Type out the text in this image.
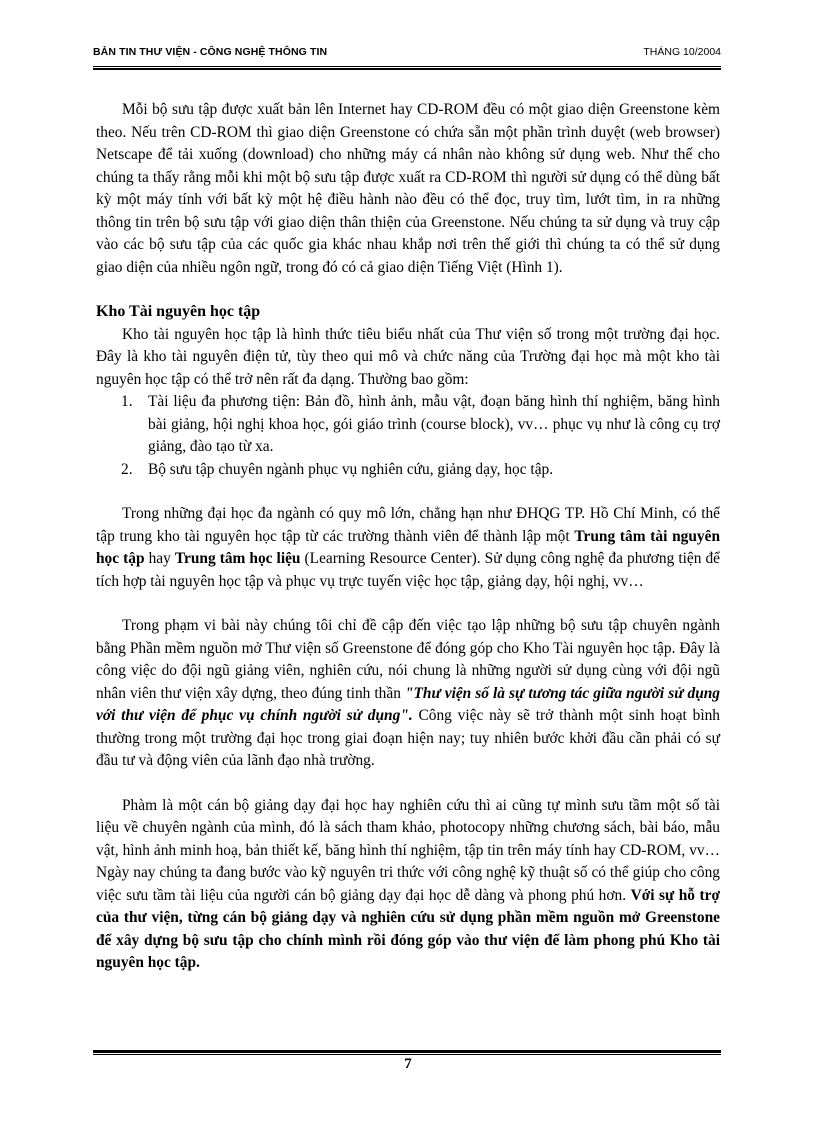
BẢN TIN THƯ VIỆN - CÔNG NGHỆ THÔNG TIN	THÁNG 10/2004

Mỗi bộ sưu tập được xuất bản lên Internet hay CD-ROM đều có một giao diện Greenstone kèm theo. Nếu trên CD-ROM thì giao diện Greenstone có chứa sẵn một phần trình duyệt (web browser) Netscape để tải xuống (download) cho những máy cá nhân nào không sử dụng web. Như thế cho chúng ta thấy rằng mỗi khi một bộ sưu tập được xuất ra CD-ROM thì người sử dụng có thể dùng bất kỳ một máy tính với bất kỳ một hệ điều hành nào đều có thể đọc, truy tìm, lướt tìm, in ra những thông tin trên bộ sưu tập với giao diện thân thiện của Greenstone. Nếu chúng ta sử dụng và truy cập vào các bộ sưu tập của các quốc gia khác nhau khắp nơi trên thế giới thì chúng ta có thể sử dụng giao diện của nhiều ngôn ngữ, trong đó có cả giao diện Tiếng Việt (Hình 1).

Kho Tài nguyên học tập

Kho tài nguyên học tập là hình thức tiêu biểu nhất của Thư viện số trong một trường đại học. Đây là kho tài nguyên điện tử, tùy theo qui mô và chức năng của Trường đại học mà một kho tài nguyên học tập có thể trở nên rất đa dạng. Thường bao gồm:

1. Tài liệu đa phương tiện: Bản đồ, hình ảnh, mẫu vật, đoạn băng hình thí nghiệm, băng hình bài giảng, hội nghị khoa học, gói giáo trình (course block), vv… phục vụ như là công cụ trợ giảng, đào tạo từ xa.
2. Bộ sưu tập chuyên ngành phục vụ nghiên cứu, giảng dạy, học tập.

Trong những đại học đa ngành có quy mô lớn, chẳng hạn như ĐHQG TP. Hồ Chí Minh, có thể tập trung kho tài nguyên học tập từ các trường thành viên để thành lập một Trung tâm tài nguyên học tập hay Trung tâm học liệu (Learning Resource Center). Sử dụng công nghệ đa phương tiện để tích hợp tài nguyên học tập và phục vụ trực tuyến việc học tập, giảng dạy, hội nghị, vv…

Trong phạm vi bài này chúng tôi chỉ đề cập đến việc tạo lập những bộ sưu tập chuyên ngành bằng Phần mềm nguồn mở Thư viện số Greenstone để đóng góp cho Kho Tài nguyên học tập. Đây là công việc do đội ngũ giảng viên, nghiên cứu, nói chung là những người sử dụng cùng với đội ngũ nhân viên thư viện xây dựng, theo đúng tinh thần "Thư viện số là sự tương tác giữa người sử dụng với thư viện để phục vụ chính người sử dụng". Công việc này sẽ trở thành một sinh hoạt bình thường trong một trường đại học trong giai đoạn hiện nay; tuy nhiên bước khởi đầu cần phải có sự đầu tư và động viên của lãnh đạo nhà trường.

Phàm là một cán bộ giảng dạy đại học hay nghiên cứu thì ai cũng tự mình sưu tầm một số tài liệu về chuyên ngành của mình, đó là sách tham khảo, photocopy những chương sách, bài báo, mẫu vật, hình ảnh minh hoạ, bản thiết kế, băng hình thí nghiệm, tập tin trên máy tính hay CD-ROM, vv…Ngày nay chúng ta đang bước vào kỹ nguyên tri thức với công nghệ kỹ thuật số có thể giúp cho công việc sưu tầm tài liệu của người cán bộ giảng dạy đại học dễ dàng và phong phú hơn. Với sự hỗ trợ của thư viện, từng cán bộ giảng dạy và nghiên cứu sử dụng phần mềm nguồn mở Greenstone để xây dựng bộ sưu tập cho chính mình rồi đóng góp vào thư viện để làm phong phú Kho tài nguyên học tập.

7
